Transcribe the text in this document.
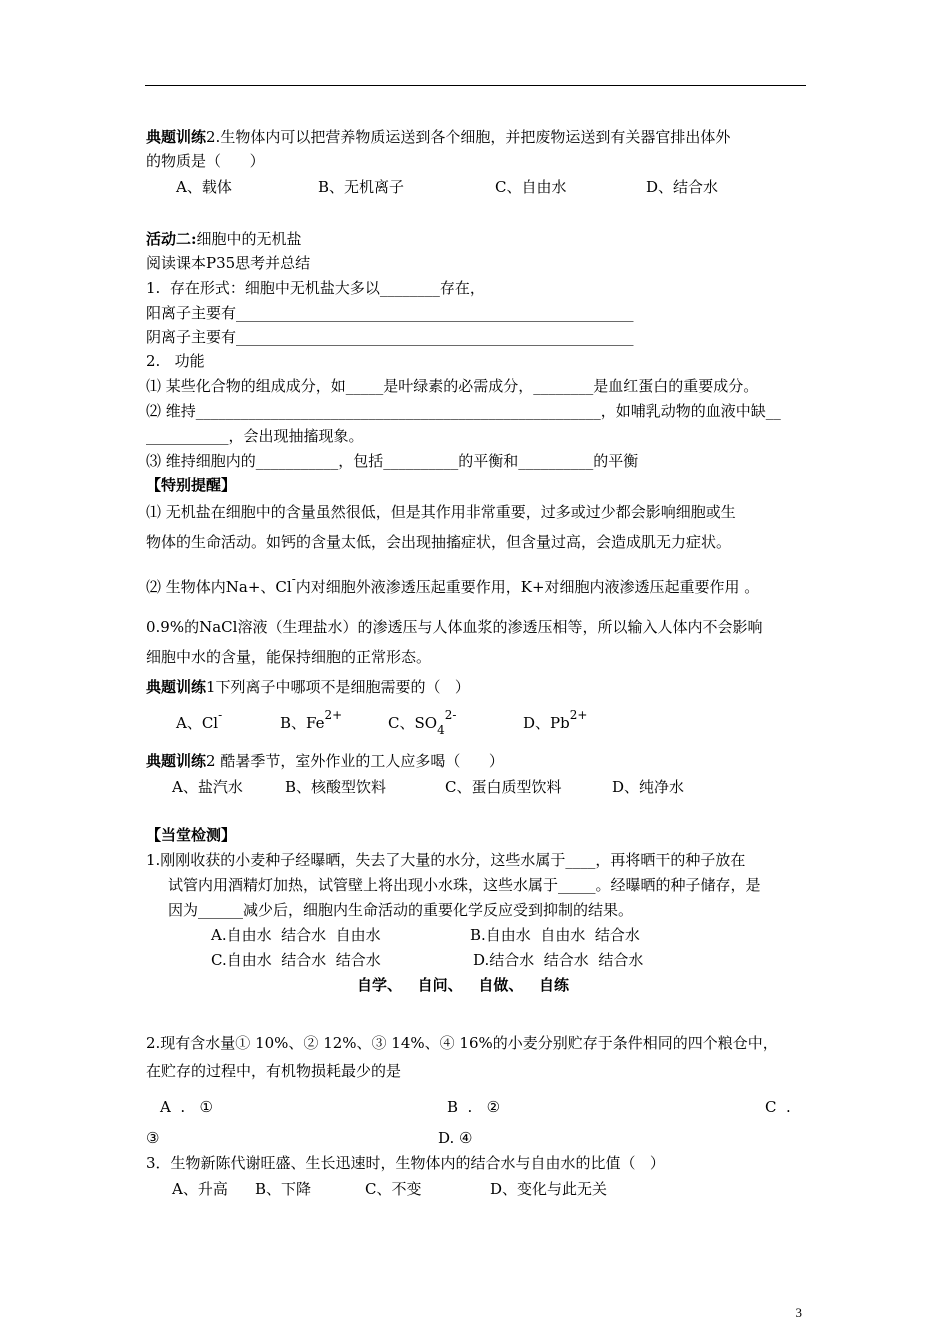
典题训练2.生物体内可以把营养物质运送到各个细胞，并把废物运送到有关器官排出体外
的物质是（      ）
A、载体	B、无机离子	C、自由水	D、结合水
活动二:细胞中的无机盐
阅读课本P35思考并总结
1.  存在形式：细胞中无机盐大多以________存在，
阳离子主要有_____________________________________________________
阴离子主要有_____________________________________________________
2.   功能
⑴ 某些化合物的组成成分，如_____是叶绿素的必需成分，________是血红蛋白的重要成分。
⑵ 维持______________________________________________________，如哺乳动物的血液中缺__
___________，会出现抽搐现象。
⑶ 维持细胞内的___________，包括__________的平衡和__________的平衡
【特别提醒】
⑴ 无机盐在细胞中的含量虽然很低，但是其作用非常重要，过多或过少都会影响细胞或生
物体的生命活动。如钙的含量太低，会出现抽搐症状，但含量过高，会造成肌无力症状。
⑵ 生物体内Na+、Cl-内对细胞外液渗透压起重要作用，K+对细胞内液渗透压起重要作用 。
0.9%的NaCl溶液（生理盐水）的渗透压与人体血浆的渗透压相等，所以输入人体内不会影响
细胞中水的含量，能保持细胞的正常形态。
典题训练1下列离子中哪项不是细胞需要的（   ）
A、Cl-	B、$Fe^{2+}$	C、$SO_4^{2-}$	D、$Pb^{2+}$
典题训练2 酷暑季节，室外作业的工人应多喝（      ）
A、盐汽水	B、核酸型饮料	C、蛋白质型饮料	D、纯净水
【当堂检测】
1.刚刚收获的小麦种子经曝晒，失去了大量的水分，这些水属于____，再将晒干的种子放在
试管内用酒精灯加热，试管壁上将出现小水珠，这些水属于_____。经曝晒的种子储存，是
因为______减少后，细胞内生命活动的重要化学反应受到抑制的结果。
A.自由水  结合水  自由水	B.自由水  自由水  结合水
C.自由水  结合水  结合水	D.结合水  结合水  结合水
自学、   自问、   自做、   自练
2.现有含水量① 10%、② 12%、③ 14%、④ 16%的小麦分别贮存于条件相同的四个粮仓中，
在贮存的过程中，有机物损耗最少的是
A  .   ①	B  .   ②	C  .
③	D. ④
3．生物新陈代谢旺盛、生长迅速时，生物体内的结合水与自由水的比值（   ）
A、升高 B、下降	C、不变	D、变化与此无关
3
